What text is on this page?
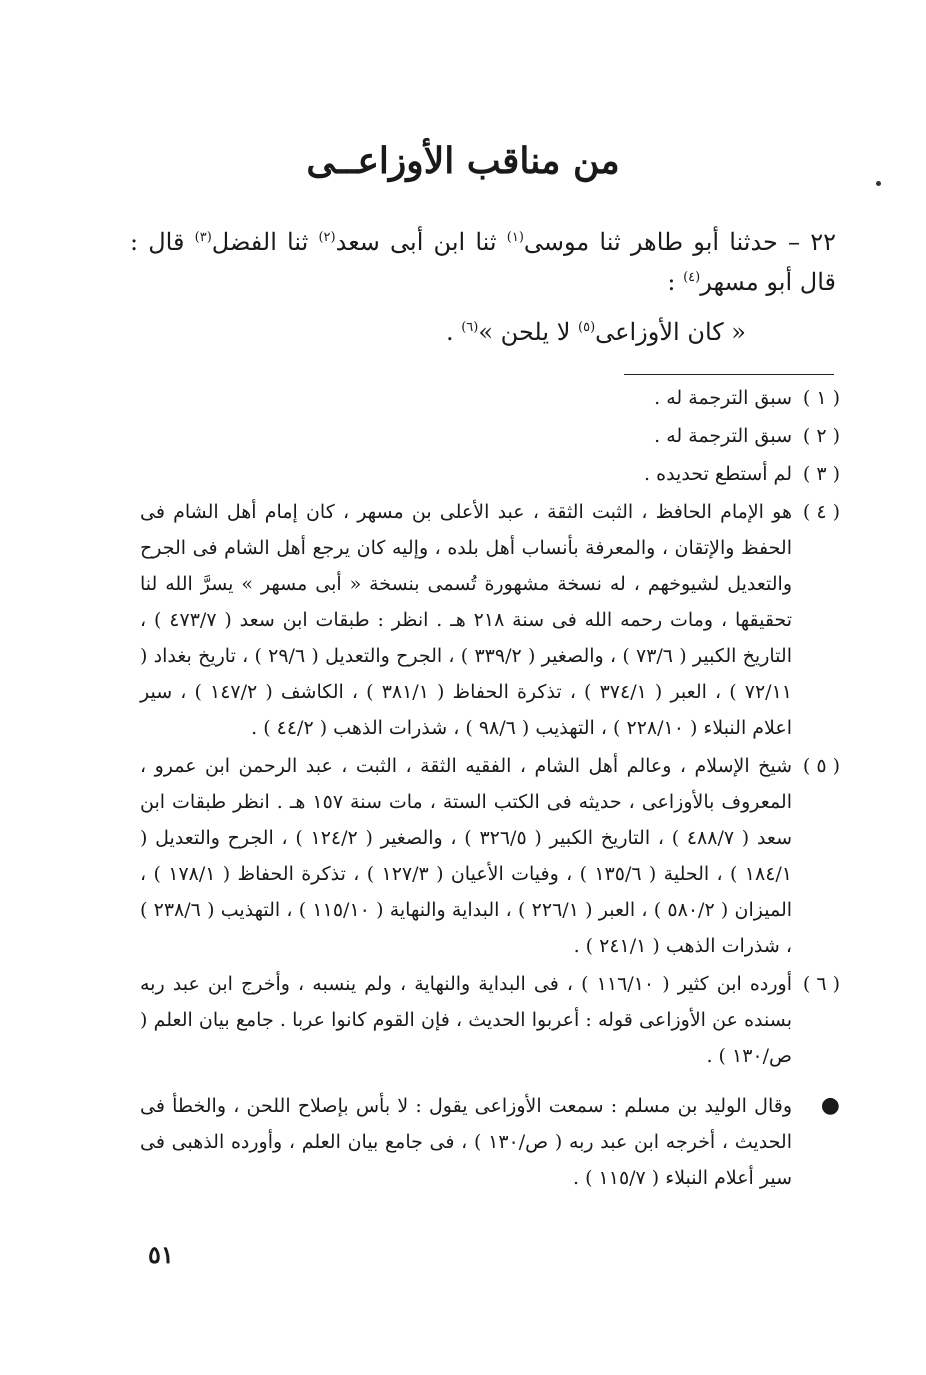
من مناقب الأوزاعــى

٢٢ – حدثنا أبو طاهر ثنا موسى$^{(١)}$ ثنا ابن أبى سعد$^{(٢)}$ ثنا الفضل$^{(٣)}$ قال : قال أبو مسهر$^{(٤)}$ :

« كان الأوزاعى$^{(٥)}$ لا يلحن »$^{(٦)}$ .

( ١ )
سبق الترجمة له .
( ٢ )
سبق الترجمة له .
( ٣ )
لم أستطع تحديده .
( ٤ )
هو الإمام الحافظ ، الثبت الثقة ، عبد الأعلى بن مسهر ، كان إمام أهل الشام فى الحفظ والإتقان ، والمعرفة بأنساب أهل بلده ، وإليه كان يرجع أهل الشام فى الجرح والتعديل لشيوخهم ، له نسخة مشهورة تُسمى بنسخة « أبى مسهر » يسرَّ الله لنا تحقيقها ، ومات رحمه الله فى سنة ٢١٨ هـ . انظر : طبقات ابن سعد ( ٤٧٣/٧ ) ، التاريخ الكبير ( ٧٣/٦ ) ، والصغير ( ٣٣٩/٢ ) ، الجرح والتعديل ( ٢٩/٦ ) ، تاريخ بغداد ( ٧٢/١١ ) ، العبر ( ٣٧٤/١ ) ، تذكرة الحفاظ ( ٣٨١/١ ) ، الكاشف ( ١٤٧/٢ ) ، سير اعلام النبلاء ( ٢٢٨/١٠ ) ، التهذيب ( ٩٨/٦ ) ، شذرات الذهب ( ٤٤/٢ ) .
( ٥ )
شيخ الإسلام ، وعالم أهل الشام ، الفقيه الثقة ، الثبت ، عبد الرحمن ابن عمرو ، المعروف بالأوزاعى ، حديثه فى الكتب الستة ، مات سنة ١٥٧ هـ . انظر طبقات ابن سعد ( ٤٨٨/٧ ) ، التاريخ الكبير ( ٣٢٦/٥ ) ، والصغير ( ١٢٤/٢ ) ، الجرح والتعديل ( ١٨٤/١ ) ، الحلية ( ١٣٥/٦ ) ، وفيات الأعيان ( ١٢٧/٣ ) ، تذكرة الحفاظ ( ١٧٨/١ ) ، الميزان ( ٥٨٠/٢ ) ، العبر ( ٢٢٦/١ ) ، البداية والنهاية ( ١١٥/١٠ ) ، التهذيب ( ٢٣٨/٦ ) ، شذرات الذهب ( ٢٤١/١ ) .
( ٦ )
أورده ابن كثير ( ١١٦/١٠ ) ، فى البداية والنهاية ، ولم ينسبه ، وأخرج ابن عبد ربه بسنده عن الأوزاعى قوله : أعربوا الحديث ، فإن القوم كانوا عربا . جامع بيان العلم ( ص/١٣٠ ) .
●
وقال الوليد بن مسلم : سمعت الأوزاعى يقول : لا بأس بإصلاح اللحن ، والخطأ فى الحديث ، أخرجه ابن عبد ربه ( ص/١٣٠ ) ، فى جامع بيان العلم ، وأورده الذهبى فى سير أعلام النبلاء ( ١١٥/٧ ) .
٥١
